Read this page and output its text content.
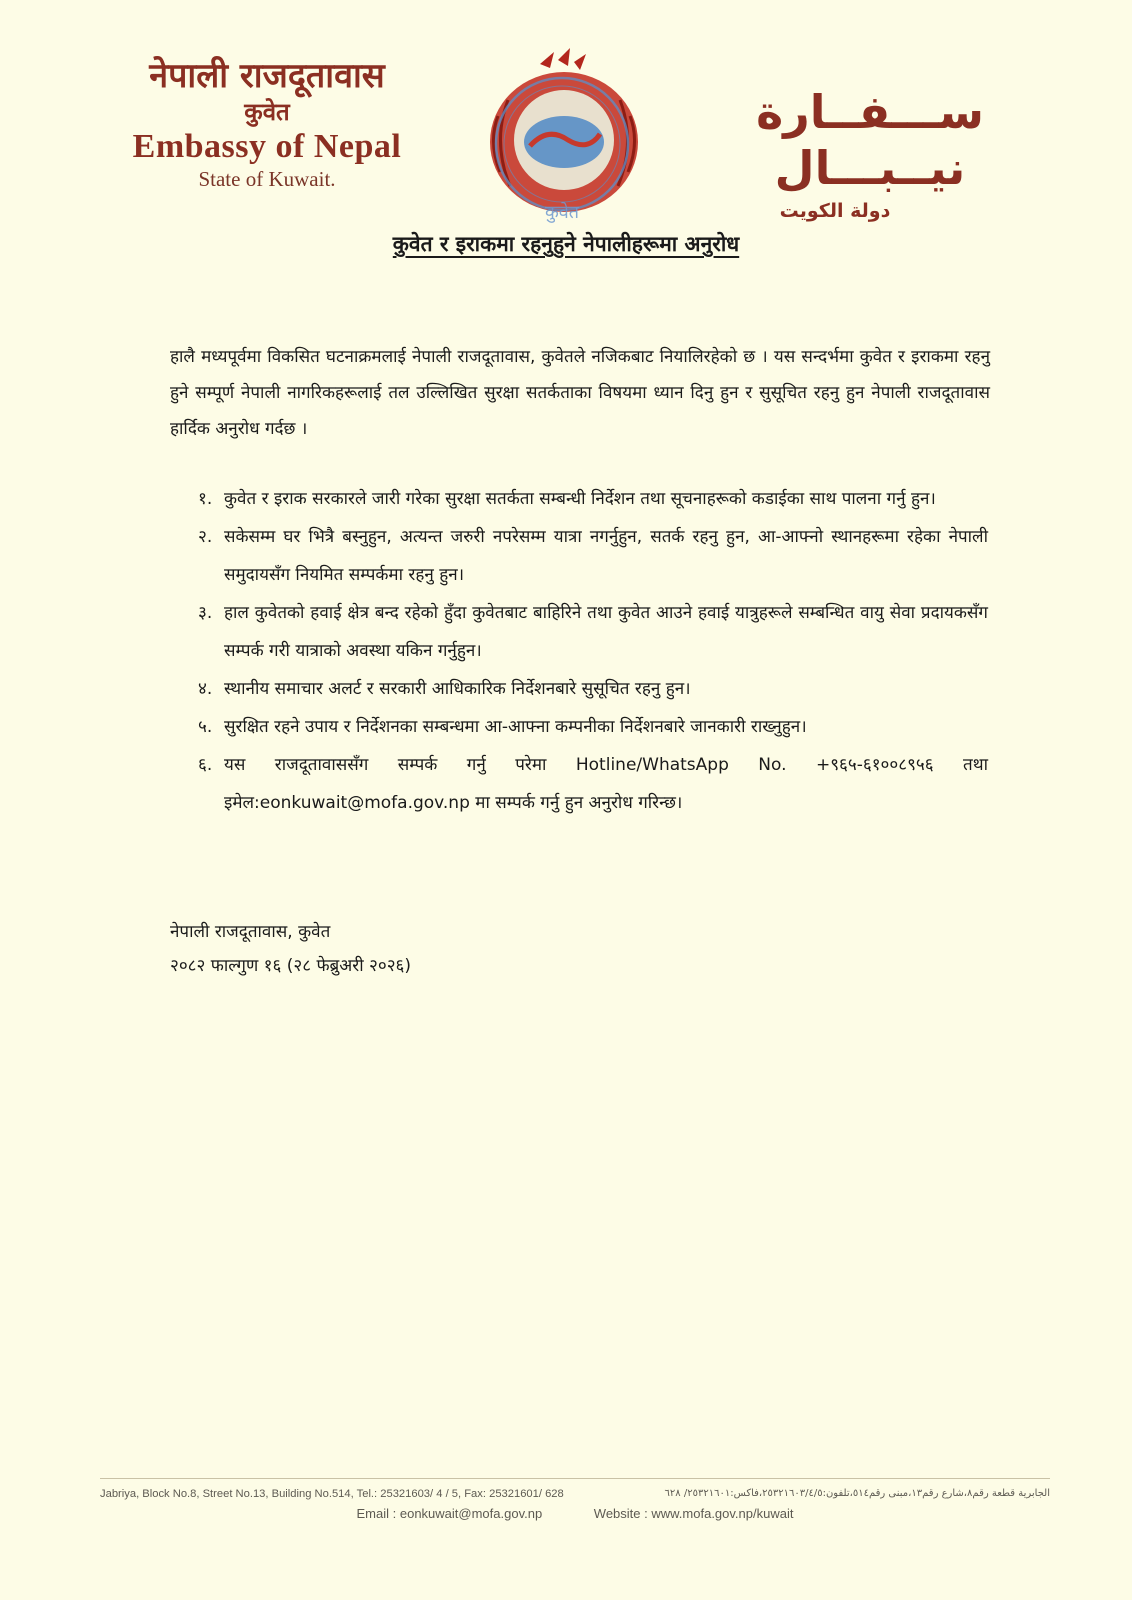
नेपाली राजदूतावास
कुवेत
Embassy of Nepal
State of Kuwait.
कुवेत
ســـفــارة نيــبـــال
دولة الكويت
कुवेत र इराकमा रहनुहुने नेपालीहरूमा अनुरोध

हालै मध्यपूर्वमा विकसित घटनाक्रमलाई नेपाली राजदूतावास, कुवेतले नजिकबाट नियालिरहेको छ । यस सन्दर्भमा कुवेत र इराकमा रहनु हुने सम्पूर्ण नेपाली नागरिकहरूलाई तल उल्लिखित सुरक्षा सतर्कताका विषयमा ध्यान दिनु हुन र सुसूचित रहनु हुन नेपाली राजदूतावास हार्दिक अनुरोध गर्दछ ।

१. कुवेत र इराक सरकारले जारी गरेका सुरक्षा सतर्कता सम्बन्धी निर्देशन तथा सूचनाहरूको कडाईका साथ पालना गर्नु हुन।
२. सकेसम्म घर भित्रै बस्नुहुन, अत्यन्त जरुरी नपरेसम्म यात्रा नगर्नुहुन, सतर्क रहनु हुन, आ-आफ्नो स्थानहरूमा रहेका नेपाली समुदायसँग नियमित सम्पर्कमा रहनु हुन।
३. हाल कुवेतको हवाई क्षेत्र बन्द रहेको हुँदा कुवेतबाट बाहिरिने तथा कुवेत आउने हवाई यात्रुहरूले सम्बन्धित वायु सेवा प्रदायकसँग सम्पर्क गरी यात्राको अवस्था यकिन गर्नुहुन।
४. स्थानीय समाचार अलर्ट र सरकारी आधिकारिक निर्देशनबारे सुसूचित रहनु हुन।
५. सुरक्षित रहने उपाय र निर्देशनका सम्बन्धमा आ-आफ्ना कम्पनीका निर्देशनबारे जानकारी राख्नुहुन।
६. यस राजदूतावाससँग सम्पर्क गर्नु परेमा Hotline/WhatsApp No. +९६५-६१००८९५६ तथा इमेल:eonkuwait@mofa.gov.np मा सम्पर्क गर्नु हुन अनुरोध गरिन्छ।
नेपाली राजदूतावास, कुवेत
२०८२ फाल्गुण १६ (२८ फेब्रुअरी २०२६)
Jabriya, Block No.8, Street No.13, Building No.514, Tel.: 25321603/ 4 / 5, Fax: 25321601/ 628	الجابرية قطعة رقم٨،شارع رقم١٣،مبنى رقم٥١٤،تلفون:٢٥٣٢١٦٠٣/٤/٥،فاكس:٢٥٣٢١٦٠١/ ٦٢٨
Email : eonkuwait@mofa.gov.np	Website : www.mofa.gov.np/kuwait
